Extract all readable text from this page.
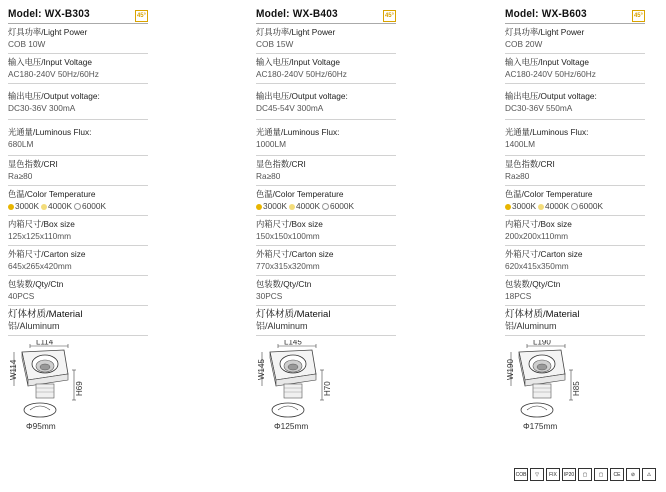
Model: WX-B303	45°
灯具功率/Light Power
COB 10W
输入电压/Input Voltage
AC180-240V 50Hz/60Hz
输出电压/Output voltage:
DC30-36V 300mA
光通量/Luminous Flux:
680LM
显色指数/CRI
Ra≥80
色温/Color Temperature
3000K 4000K 6000K
内箱尺寸/Box size
125x125x110mm
外箱尺寸/Carton size
645x265x420mm
包装数/Qty/Ctn
40PCS
灯体材质/Material
铝/Aluminum
L114
W114
H69
Φ95mm
Model: WX-B403	45°
灯具功率/Light Power
COB 15W
输入电压/Input Voltage
AC180-240V 50Hz/60Hz
输出电压/Output voltage:
DC45-54V 300mA
光通量/Luminous Flux:
1000LM
显色指数/CRI
Ra≥80
色温/Color Temperature
3000K 4000K 6000K
内箱尺寸/Box size
150x150x100mm
外箱尺寸/Carton size
770x315x320mm
包装数/Qty/Ctn
30PCS
灯体材质/Material
铝/Aluminum
L145
W145
H70
Φ125mm
Model: WX-B603	45°
灯具功率/Light Power
COB 20W
输入电压/Input Voltage
AC180-240V 50Hz/60Hz
输出电压/Output voltage:
DC30-36V 550mA
光通量/Luminous Flux:
1400LM
显色指数/CRI
Ra≥80
色温/Color Temperature
3000K 4000K 6000K
内箱尺寸/Box size
200x200x110mm
外箱尺寸/Carton size
620x415x350mm
包装数/Qty/Ctn
18PCS
灯体材质/Material
铝/Aluminum
L190
W190
H85
Φ175mm
COB	▽	FIX	IP20	▢	▢	CE	⊘	⚠
